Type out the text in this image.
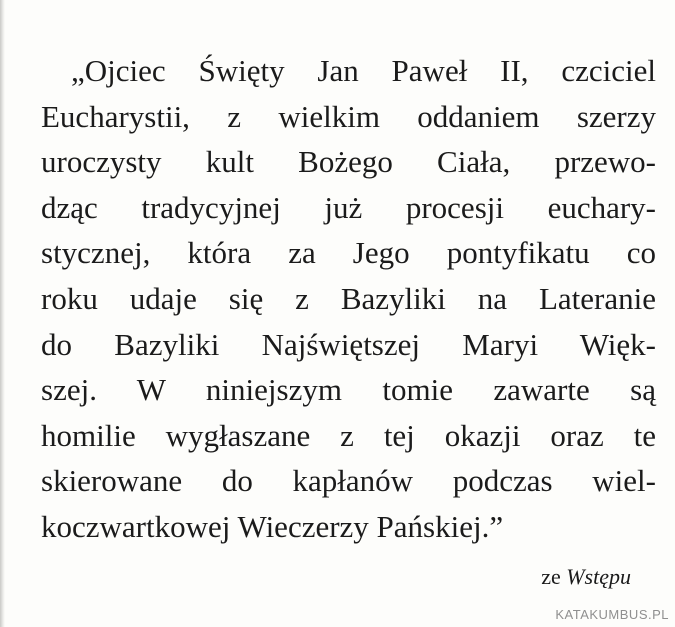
„Ojciec Święty Jan Paweł II, czciciel
Eucharystii, z wielkim oddaniem szerzy
uroczysty kult Bożego Ciała, przewo-
dząc tradycyjnej już procesji euchary-
stycznej, która za Jego pontyfikatu co
roku udaje się z Bazyliki na Lateranie
do Bazyliki Najświętszej Maryi Więk-
szej. W niniejszym tomie zawarte są
homilie wygłaszane z tej okazji oraz te
skierowane do kapłanów podczas wiel-
koczwartkowej Wieczerzy Pańskiej.”
ze Wstępu
KATAKUMBUS.PL
